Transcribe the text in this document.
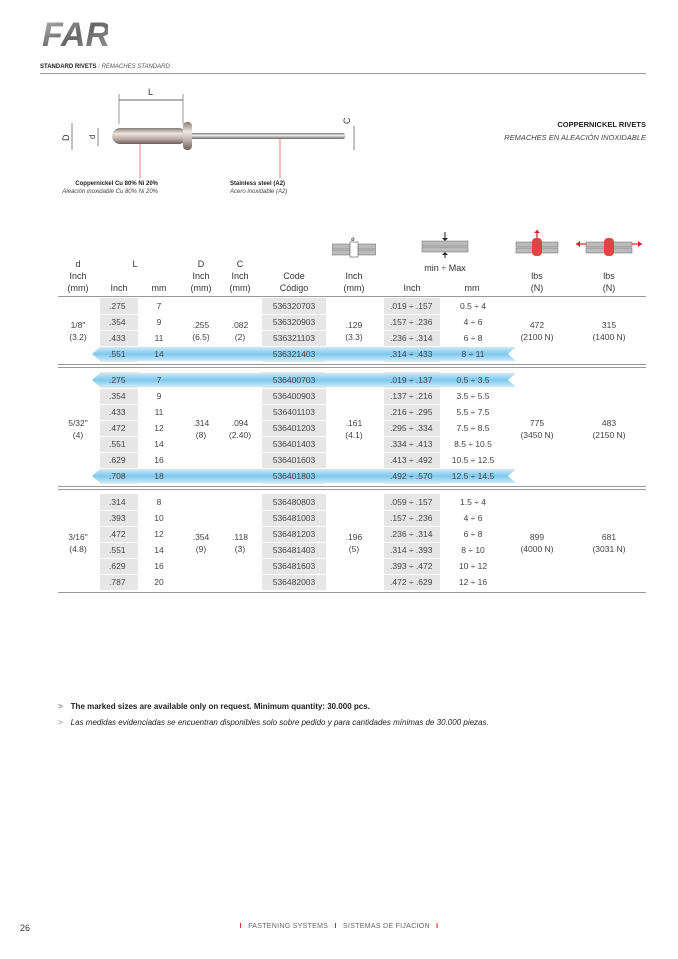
FAR
STANDARD RIVETS / REMACHES STANDARD
L
D d
C
Coppernickel Cu 80% Ni 20%
Aleación inoxidable Cu 80% Ni 20%
Stainless steel (A2)
Acero inoxidable (A2)
COPPERNICKEL RIVETS
REMACHES EN ALEACIÓN INOXIDABLE
ø
d
Inch
(mm)
L
Inch	mm
D
Inch
(mm)
C
Inch
(mm)
Code
Código
Inch
(mm)
min ÷ Max
Inch	mm
lbs
(N)
lbs
(N)
.275	7	536320703	.019 ÷ .157	0.5 ÷ 4
.354	9	536320903	.157 ÷ .236	4 ÷ 6
.433	11	536321103	.236 ÷ .314	6 ÷ 8
.551	14	536321403	.314 ÷ .433	8 ÷ 11
1/8"
(3.2)
.255
(6.5)
.082
(2)
.129
(3.3)
472
(2100 N)
315
(1400 N)
.275	7	536400703	.019 ÷ .137	0.5 ÷ 3.5
.354	9	536400903	.137 ÷ .216	3.5 ÷ 5.5
.433	11	536401103	.216 ÷ .295	5.5 ÷ 7.5
.472	12	536401203	.295 ÷ .334	7.5 ÷ 8.5
.551	14	536401403	.334 ÷ .413	8.5 ÷ 10.5
.629	16	536401603	.413 ÷ .492	10.5 ÷ 12.5
.708	18	536401803	.492 ÷ .570	12.5 ÷ 14.5
5/32"
(4)
.314
(8)
.094
(2.40)
.161
(4.1)
775
(3450 N)
483
(2150 N)
.314	8	536480803	.059 ÷ .157	1.5 ÷ 4
.393	10	536481003	.157 ÷ .236	4 ÷ 6
.472	12	536481203	.236 ÷ .314	6 ÷ 8
.551	14	536481403	.314 ÷ .393	8 ÷ 10
.629	16	536481603	.393 ÷ .472	10 ÷ 12
.787	20	536482003	.472 ÷ .629	12 ÷ 16
3/16"
(4.8)
.354
(9)
.118
(3)
.196
(5)
899
(4000 N)
681
(3031 N)
> The marked sizes are available only on request. Minimum quantity: 30.000 pcs.
> Las medidas evidenciadas se encuentran disponibles solo sobre pedido y para cantidades mínimas de 30.000 piezas.
26	I FASTENING SYSTEMS I SISTEMAS DE FIJACION I
